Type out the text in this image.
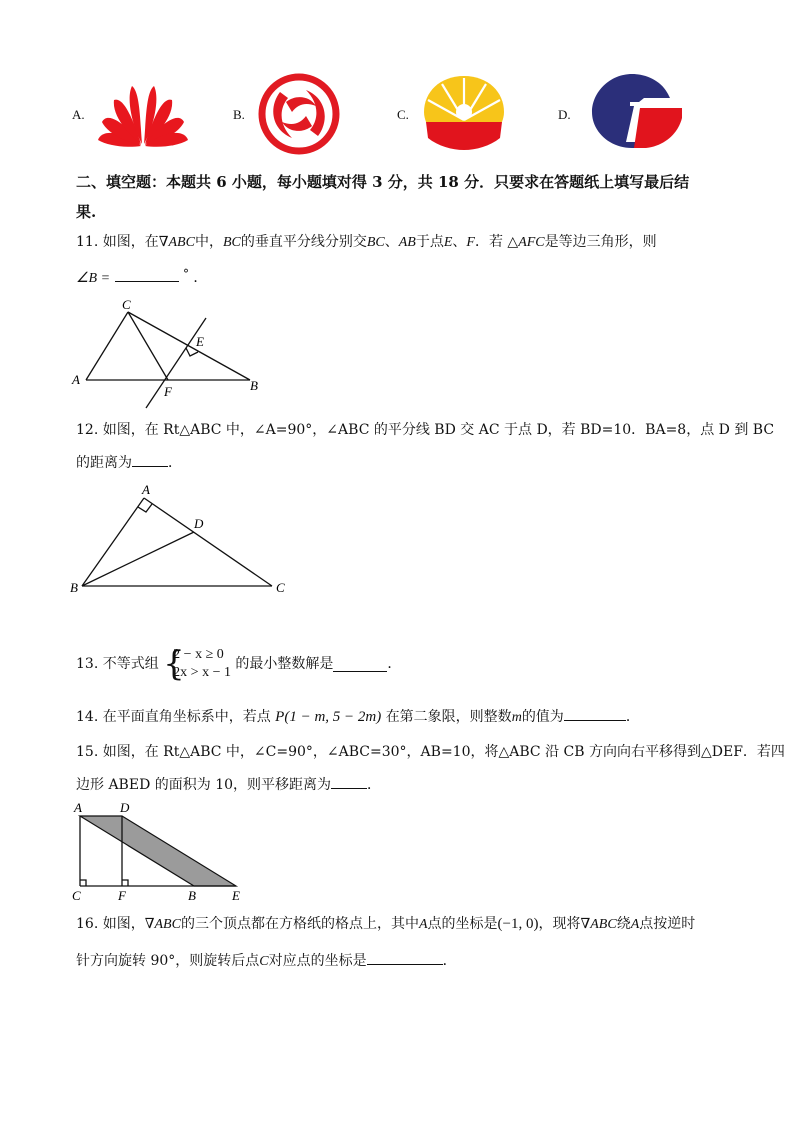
A.	B.	C.	D.
二、填空题：本题共 6 小题，每小题填对得 3 分，共 18 分．只要求在答题纸上填写最后结
果.
11. 如图，在∇ABC中，BC的垂直平分线分别交BC、AB于点E、F．若 △AFC是等边三角形，则
∠B =	° ．
C
E
A
F	B
12. 如图，在 Rt△ABC 中，∠A=90°，∠ABC 的平分线 BD 交 AC 于点 D，若 BD=10．BA=8，点 D 到 BC
的距离为	．
A
D
B	C
13. 不等式组 {
2 − x ≥ 0
2x > x − 1
的最小整数解是	．
14. 在平面直角坐标系中，若点 P(1 − m, 5 − 2m) 在第二象限，则整数m的值为	．
15. 如图，在 Rt△ABC 中，∠C=90°，∠ABC=30°，AB=10，将△ABC 沿 CB 方向向右平移得到△DEF．若四
边形 ABED 的面积为 10，则平移距离为	．
A	D
C	F	B	E
16. 如图，∇ABC的三个顶点都在方格纸的格点上，其中A点的坐标是(−1, 0)，现将∇ABC绕A点按逆时
针方向旋转 90°，则旋转后点C对应点的坐标是	．
